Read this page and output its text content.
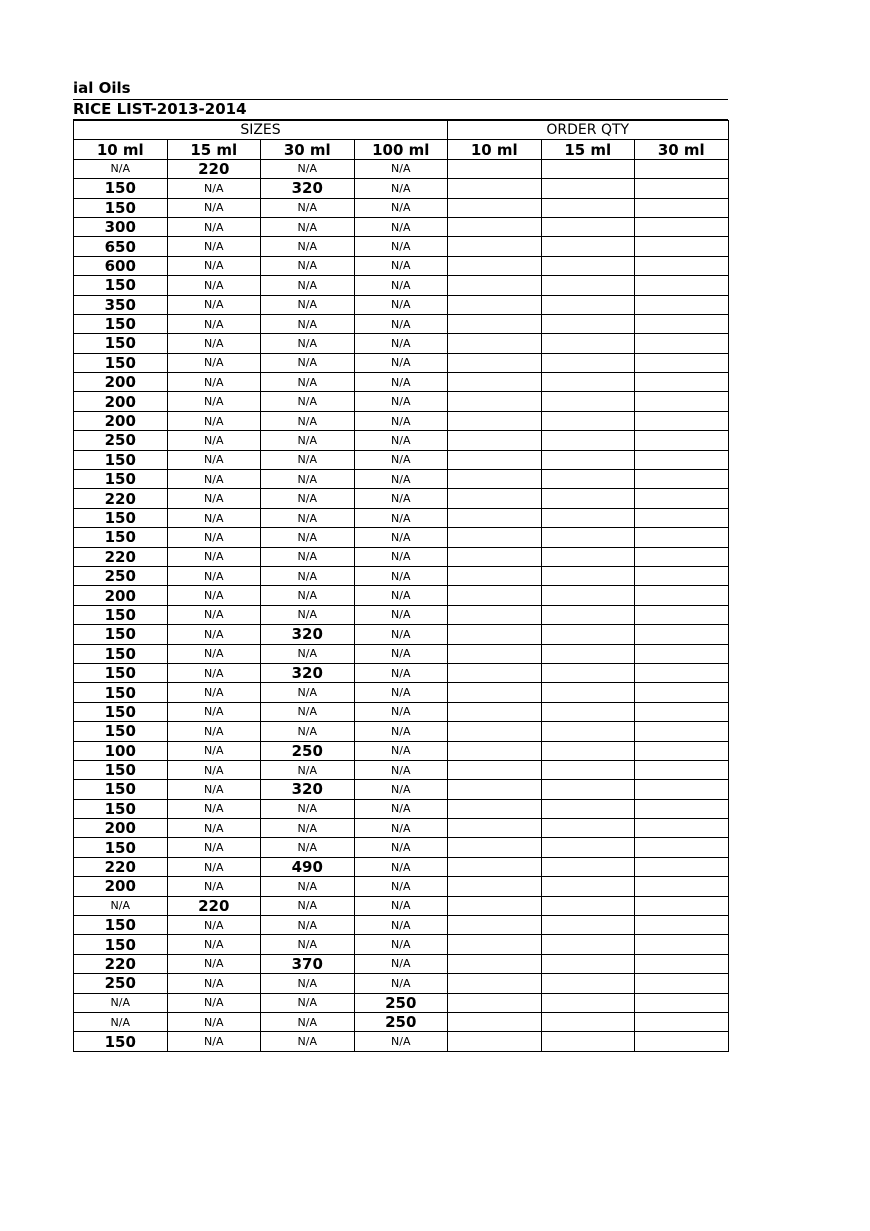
ial Oils
RICE LIST-2013-2014
SIZES				ORDER QTY		
10 ml	15 ml	30 ml	100 ml	10 ml	15 ml	30 ml
N/A	220	N/A	N/A			
150	N/A	320	N/A			
150	N/A	N/A	N/A			
300	N/A	N/A	N/A			
650	N/A	N/A	N/A			
600	N/A	N/A	N/A			
150	N/A	N/A	N/A			
350	N/A	N/A	N/A			
150	N/A	N/A	N/A			
150	N/A	N/A	N/A			
150	N/A	N/A	N/A			
200	N/A	N/A	N/A			
200	N/A	N/A	N/A			
200	N/A	N/A	N/A			
250	N/A	N/A	N/A			
150	N/A	N/A	N/A			
150	N/A	N/A	N/A			
220	N/A	N/A	N/A			
150	N/A	N/A	N/A			
150	N/A	N/A	N/A			
220	N/A	N/A	N/A			
250	N/A	N/A	N/A			
200	N/A	N/A	N/A			
150	N/A	N/A	N/A			
150	N/A	320	N/A			
150	N/A	N/A	N/A			
150	N/A	320	N/A			
150	N/A	N/A	N/A			
150	N/A	N/A	N/A			
150	N/A	N/A	N/A			
100	N/A	250	N/A			
150	N/A	N/A	N/A			
150	N/A	320	N/A			
150	N/A	N/A	N/A			
200	N/A	N/A	N/A			
150	N/A	N/A	N/A			
220	N/A	490	N/A			
200	N/A	N/A	N/A			
N/A	220	N/A	N/A			
150	N/A	N/A	N/A			
150	N/A	N/A	N/A			
220	N/A	370	N/A			
250	N/A	N/A	N/A			
N/A	N/A	N/A	250			
N/A	N/A	N/A	250			
150	N/A	N/A	N/A			
